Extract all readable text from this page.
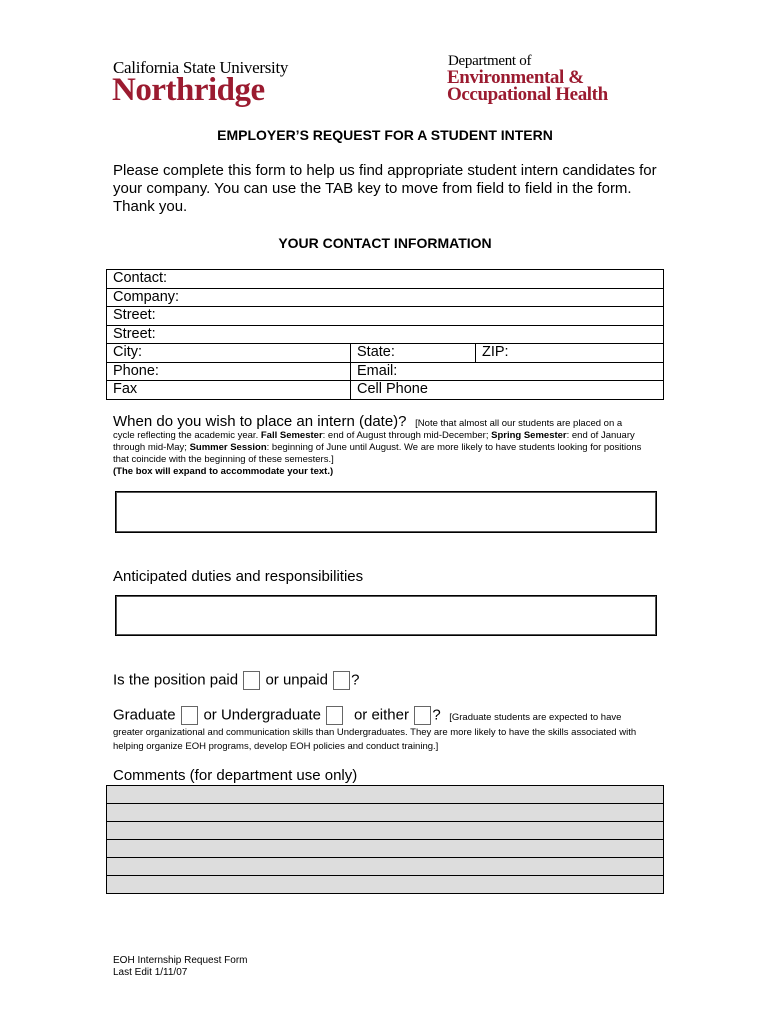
California State University
Northridge
Department of
Environmental &
Occupational Health
EMPLOYER’S REQUEST FOR A STUDENT INTERN
Please complete this form to help us find appropriate student intern candidates for your company. You can use the TAB key to move from field to field in the form. Thank you.
YOUR CONTACT INFORMATION
Contact:		
Company:		
Street:		
Street:		
City:	State:	ZIP:
Phone:	Email:	
Fax	Cell Phone	
When do you wish to place an intern (date)? [Note that almost all our students are placed on a cycle reflecting the academic year. Fall Semester: end of August through mid-December; Spring Semester: end of January through mid-May; Summer Session: beginning of June until August. We are more likely to have students looking for positions that coincide with the beginning of these semesters.]
(The box will expand to accommodate your text.)
Anticipated duties and responsibilities
Is the position paid or unpaid ?
Graduate or Undergraduate or either ? [Graduate students are expected to have greater organizational and communication skills than Undergraduates. They are more likely to have the skills associated with helping organize EOH programs, develop EOH policies and conduct training.]
Comments (for department use only)

EOH Internship Request Form
Last Edit 1/11/07
